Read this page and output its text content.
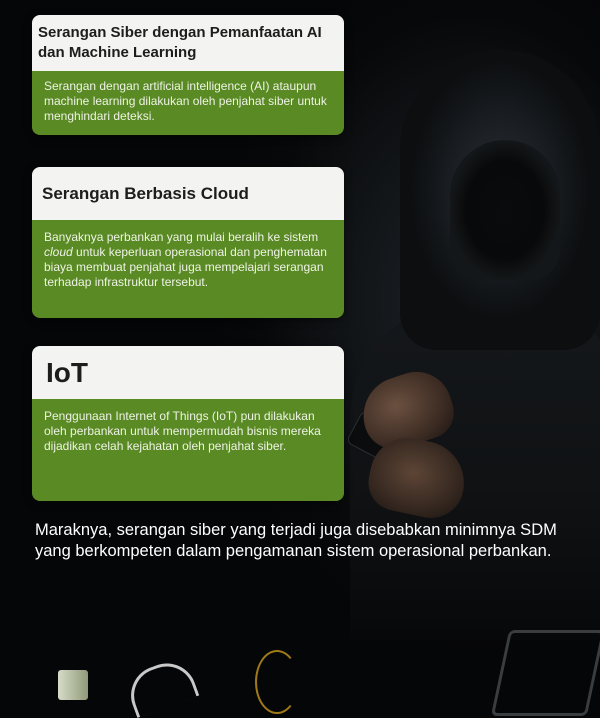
Serangan Siber dengan Pemanfaatan AI dan Machine Learning

Serangan dengan artificial intelligence (AI) ataupun machine learning dilakukan oleh penjahat siber untuk menghindari deteksi.

Serangan Berbasis Cloud

Banyaknya perbankan yang mulai beralih ke sistem cloud untuk keperluan operasional dan penghematan biaya membuat penjahat juga mempelajari serangan terhadap infrastruktur tersebut.

IoT

Penggunaan Internet of Things (IoT) pun dilakukan oleh perbankan untuk mempermudah bisnis mereka dijadikan celah kejahatan oleh penjahat siber.

Maraknya, serangan siber yang terjadi juga disebabkan minimnya SDM yang berkompeten dalam pengamanan sistem operasional perbankan.
